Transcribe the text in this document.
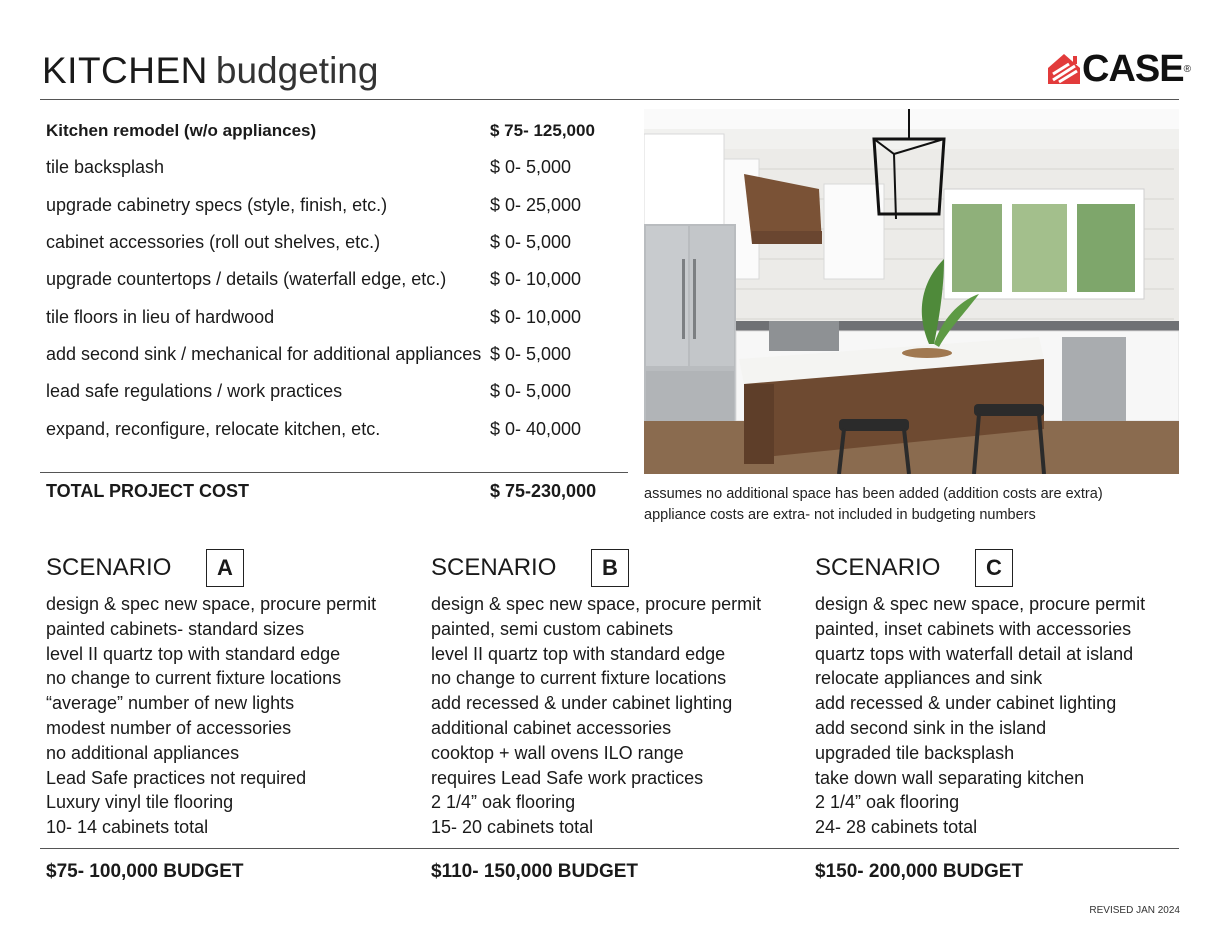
KITCHEN budgeting	CASE ®
Kitchen remodel (w/o appliances)	$ 75- 125,000
tile backsplash	$ 0- 5,000
upgrade cabinetry specs (style, finish, etc.)	$ 0- 25,000
cabinet accessories (roll out shelves, etc.)	$ 0- 5,000
upgrade countertops / details (waterfall edge, etc.)	$ 0- 10,000
tile floors in lieu of hardwood	$ 0- 10,000
add second sink / mechanical for additional appliances $ 0- 5,000
lead safe regulations / work practices	$ 0- 5,000
expand, reconfigure, relocate kitchen, etc.	$ 0- 40,000
TOTAL PROJECT COST	$ 75-230,000	assumes no additional space has been added (addition costs are extra)
appliance costs are extra- not included in budgeting numbers
SCENARIO	A
design & spec new space, procure permit
painted cabinets- standard sizes
level II quartz top with standard edge
no change to current fixture locations
“average” number of new lights
modest number of accessories
no additional appliances
Lead Safe practices not required
Luxury vinyl tile flooring
10- 14 cabinets total
SCENARIO	B
design & spec new space, procure permit
painted, semi custom cabinets
level II quartz top with standard edge
no change to current fixture locations
add recessed & under cabinet lighting
additional cabinet accessories
cooktop + wall ovens ILO range
requires Lead Safe work practices
2 1/4” oak flooring
15- 20 cabinets total
SCENARIO	C
design & spec new space, procure permit
painted, inset cabinets with accessories
quartz tops with waterfall detail at island
relocate appliances and sink
add recessed & under cabinet lighting
add second sink in the island
upgraded tile backsplash
take down wall separating kitchen
2 1/4” oak flooring
24- 28 cabinets total
$75- 100,000 BUDGET	$110- 150,000 BUDGET	$150- 200,000 BUDGET
REVISED JAN 2024
